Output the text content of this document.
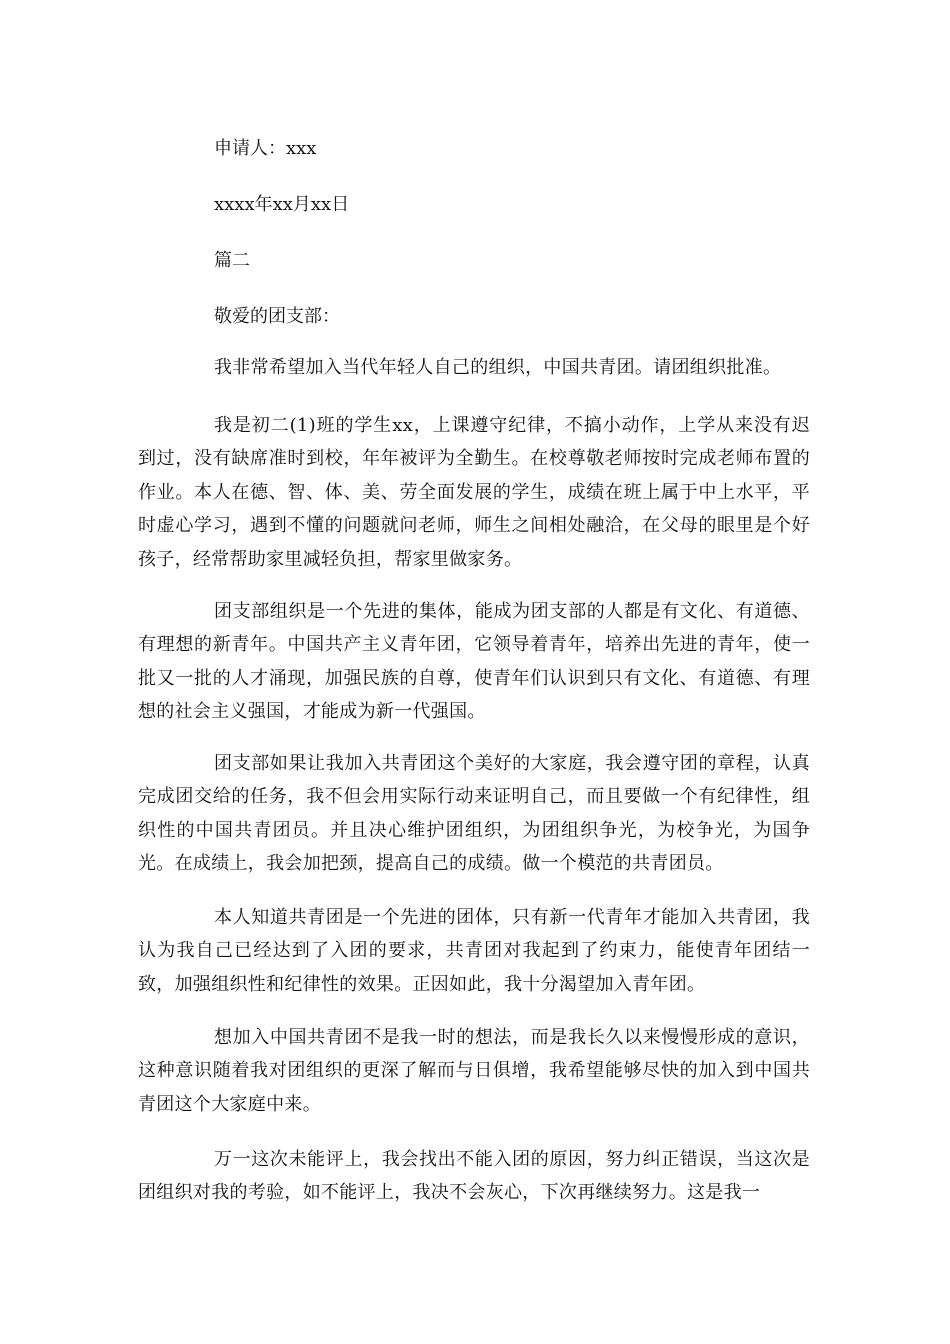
申请人：xxx

xxxx年xx月xx日

篇二

敬爱的团支部：

我非常希望加入当代年轻人自己的组织，中国共青团。请团组织批准。

我是初二(1)班的学生xx，上课遵守纪律，不搞小动作，上学从来没有迟到过，没有缺席准时到校，年年被评为全勤生。在校尊敬老师按时完成老师布置的作业。本人在德、智、体、美、劳全面发展的学生，成绩在班上属于中上水平，平时虚心学习，遇到不懂的问题就问老师，师生之间相处融洽，在父母的眼里是个好孩子，经常帮助家里减轻负担，帮家里做家务。

团支部组织是一个先进的集体，能成为团支部的人都是有文化、有道德、有理想的新青年。中国共产主义青年团，它领导着青年，培养出先进的青年，使一批又一批的人才涌现，加强民族的自尊，使青年们认识到只有文化、有道德、有理想的社会主义强国，才能成为新一代强国。

团支部如果让我加入共青团这个美好的大家庭，我会遵守团的章程，认真完成团交给的任务，我不但会用实际行动来证明自己，而且要做一个有纪律性，组织性的中国共青团员。并且决心维护团组织，为团组织争光，为校争光，为国争光。在成绩上，我会加把颈，提高自己的成绩。做一个模范的共青团员。

本人知道共青团是一个先进的团体，只有新一代青年才能加入共青团，我认为我自己已经达到了入团的要求，共青团对我起到了约束力，能使青年团结一致，加强组织性和纪律性的效果。正因如此，我十分渴望加入青年团。

想加入中国共青团不是我一时的想法，而是我长久以来慢慢形成的意识，这种意识随着我对团组织的更深了解而与日俱增，我希望能够尽快的加入到中国共青团这个大家庭中来。

万一这次未能评上，我会找出不能入团的原因，努力纠正错误，当这次是团组织对我的考验，如不能评上，我决不会灰心，下次再继续努力。这是我一
